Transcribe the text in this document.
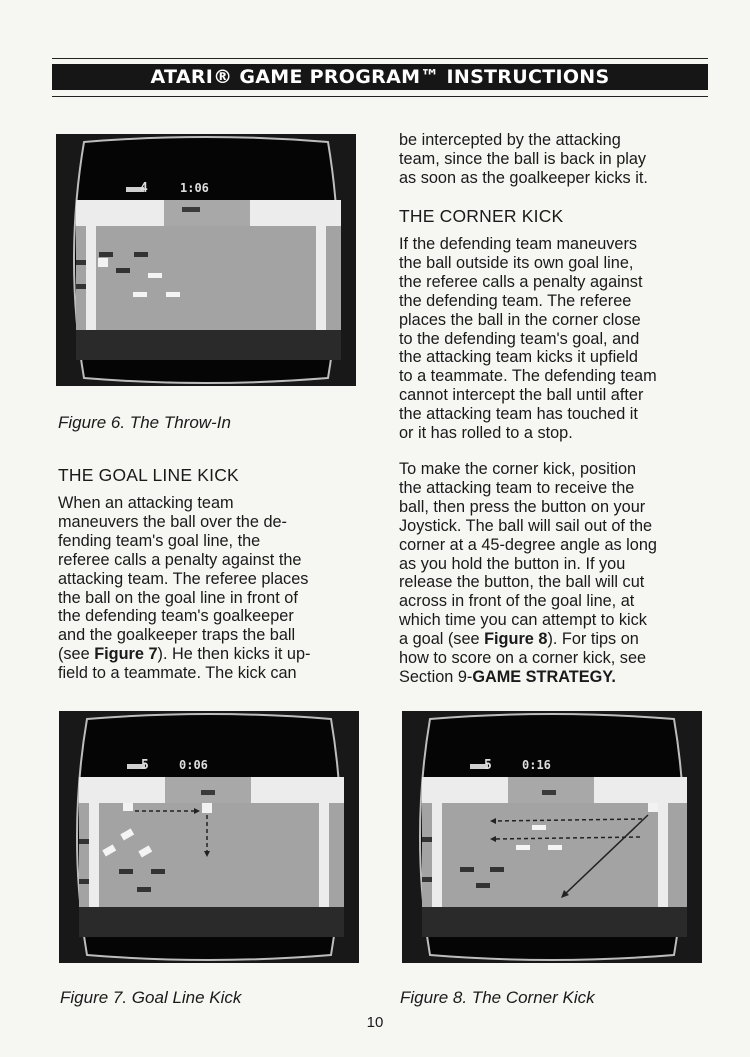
ATARI® GAME PROGRAM™ INSTRUCTIONS
4	1:06
Figure 6. The Throw-In
5	0:06
Figure 7. Goal Line Kick
5	0:16
Figure 8. The Corner Kick
THE GOAL LINE KICK

When an attacking team
maneuvers the ball over the de-
fending team's goal line, the
referee calls a penalty against the
attacking team. The referee places
the ball on the goal line in front of
the defending team's goalkeeper
and the goalkeeper traps the ball
(see Figure 7). He then kicks it up-
field to a teammate. The kick can

be intercepted by the attacking
team, since the ball is back in play
as soon as the goalkeeper kicks it.

THE CORNER KICK

If the defending team maneuvers
the ball outside its own goal line,
the referee calls a penalty against
the defending team. The referee
places the ball in the corner close
to the defending team's goal, and
the attacking team kicks it upfield
to a teammate. The defending team
cannot intercept the ball until after
the attacking team has touched it
or it has rolled to a stop.

To make the corner kick, position
the attacking team to receive the
ball, then press the button on your
Joystick. The ball will sail out of the
corner at a 45-degree angle as long
as you hold the button in. If you
release the button, the ball will cut
across in front of the goal line, at
which time you can attempt to kick
a goal (see Figure 8). For tips on
how to score on a corner kick, see
Section 9-GAME STRATEGY.

10
